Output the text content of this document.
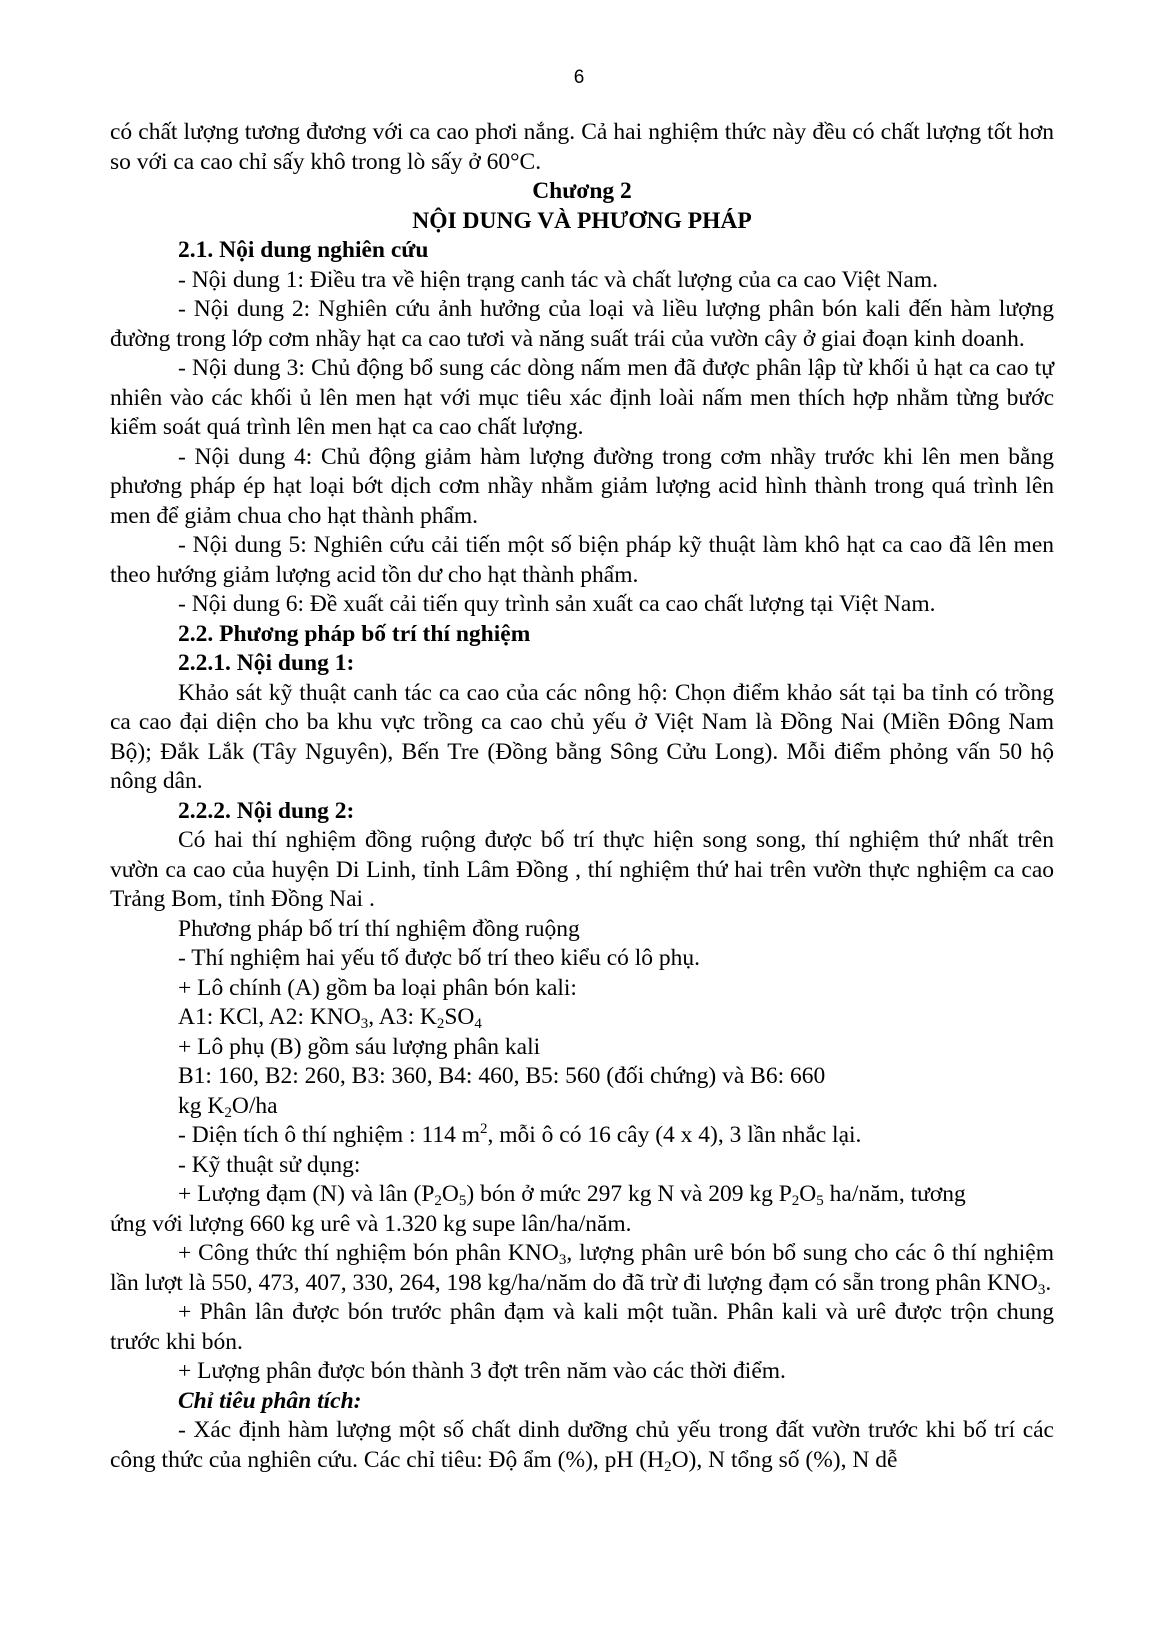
6

có chất lượng tương đương với ca cao phơi nắng. Cả hai nghiệm thức này đều có chất lượng tốt hơn so với ca cao chỉ sấy khô trong lò sấy ở 60°C.

Chương 2

NỘI DUNG VÀ PHƯƠNG PHÁP

2.1. Nội dung nghiên cứu

- Nội dung 1: Điều tra về hiện trạng canh tác và chất lượng của ca cao Việt Nam.

- Nội dung 2: Nghiên cứu ảnh hưởng của loại và liều lượng phân bón kali đến hàm lượng đường trong lớp cơm nhầy hạt ca cao tươi và năng suất trái của vườn cây ở giai đoạn kinh doanh.

- Nội dung 3: Chủ động bổ sung các dòng nấm men đã được phân lập từ khối ủ hạt ca cao tự nhiên vào các khối ủ lên men hạt với mục tiêu xác định loài nấm men thích hợp nhằm từng bước kiểm soát quá trình lên men hạt ca cao chất lượng.

- Nội dung 4: Chủ động giảm hàm lượng đường trong cơm nhầy trước khi lên men bằng phương pháp ép hạt loại bớt dịch cơm nhầy nhằm giảm lượng acid hình thành trong quá trình lên men để giảm chua cho hạt thành phẩm.

- Nội dung 5: Nghiên cứu cải tiến một số biện pháp kỹ thuật làm khô hạt ca cao đã lên men theo hướng giảm lượng acid tồn dư cho hạt thành phẩm.

- Nội dung 6: Đề xuất cải tiến quy trình sản xuất ca cao chất lượng tại Việt Nam.

2.2. Phương pháp bố trí thí nghiệm

2.2.1. Nội dung 1:

Khảo sát kỹ thuật canh tác ca cao của các nông hộ: Chọn điểm khảo sát tại ba tỉnh có trồng ca cao đại diện cho ba khu vực trồng ca cao chủ yếu ở Việt Nam là Đồng Nai (Miền Đông Nam Bộ); Đắk Lắk (Tây Nguyên), Bến Tre (Đồng bằng Sông Cửu Long). Mỗi điểm phỏng vấn 50 hộ nông dân.

2.2.2. Nội dung 2:

Có hai thí nghiệm đồng ruộng được bố trí thực hiện song song, thí nghiệm thứ nhất trên vườn ca cao của huyện Di Linh, tỉnh Lâm Đồng , thí nghiệm thứ hai trên vườn thực nghiệm ca cao Trảng Bom, tỉnh Đồng Nai .

Phương pháp bố trí thí nghiệm đồng ruộng

- Thí nghiệm hai yếu tố được bố trí theo kiểu có lô phụ.

+ Lô chính (A) gồm ba loại phân bón kali:

A1: KCl, A2: $KNO_3$, A3: $K_2SO_4$

+ Lô phụ (B) gồm sáu lượng phân kali

B1: 160, B2: 260, B3: 360, B4: 460, B5: 560 (đối chứng) và B6: 660

kg $K_2O/ha$

- Diện tích ô thí nghiệm : 114 $m^2$, mỗi ô có 16 cây (4 x 4), 3 lần nhắc lại.

- Kỹ thuật sử dụng:

+ Lượng đạm (N) và lân $(P_2O_5)$ bón ở mức 297 kg N và 209 kg $P_2O_5$ ha/năm, tương

ứng với lượng 660 kg urê và 1.320 kg supe lân/ha/năm.

+ Công thức thí nghiệm bón phân $KNO_3$, lượng phân urê bón bổ sung cho các ô thí nghiệm lần lượt là 550, 473, 407, 330, 264, 198 kg/ha/năm do đã trừ đi lượng đạm có sẵn trong phân $KNO_3$.

+ Phân lân được bón trước phân đạm và kali một tuần. Phân kali và urê được trộn chung trước khi bón.

+ Lượng phân được bón thành 3 đợt trên năm vào các thời điểm.

Chỉ tiêu phân tích:

- Xác định hàm lượng một số chất dinh dưỡng chủ yếu trong đất vườn trước khi bố trí các công thức của nghiên cứu. Các chỉ tiêu: Độ ẩm (%), pH $(H_2O)$, N tổng số (%), N dễ
